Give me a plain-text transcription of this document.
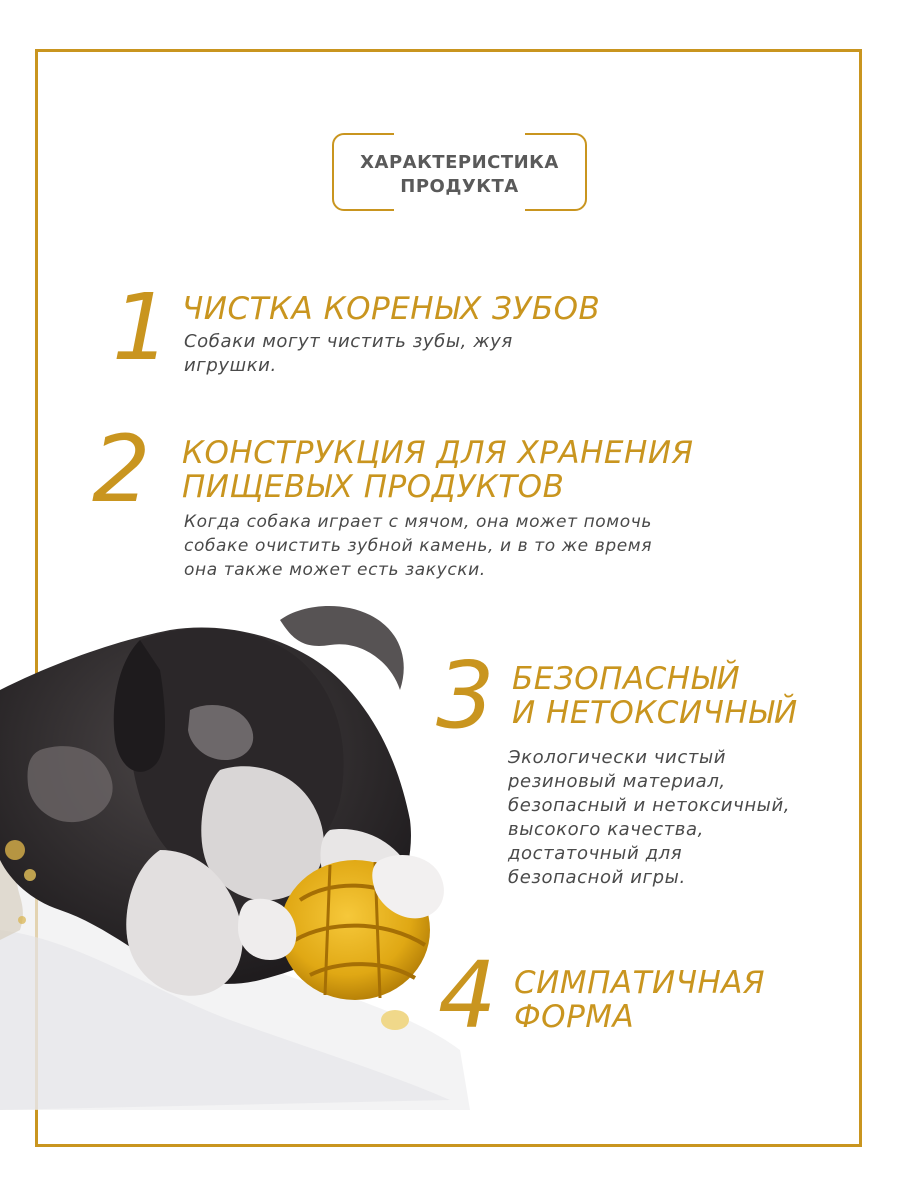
ХАРАКТЕРИСТИКА
ПРОДУКТА
1 ЧИСТКА КОРЕНЫХ ЗУБОВ
Собаки могут чистить зубы, жуя
игрушки.
2 КОНСТРУКЦИЯ ДЛЯ ХРАНЕНИЯ
ПИЩЕВЫХ ПРОДУКТОВ
Когда собака играет с мячом, она может помочь
собаке очистить зубной камень, и в то же время
она также может есть закуски.
3 БЕЗОПАСНЫЙ
И НЕТОКСИЧНЫЙ
Экологически чистый
резиновый материал,
безопасный и нетоксичный,
высокого качества,
достаточный для
безопасной игры.
4 СИМПАТИЧНАЯ
ФОРМА
